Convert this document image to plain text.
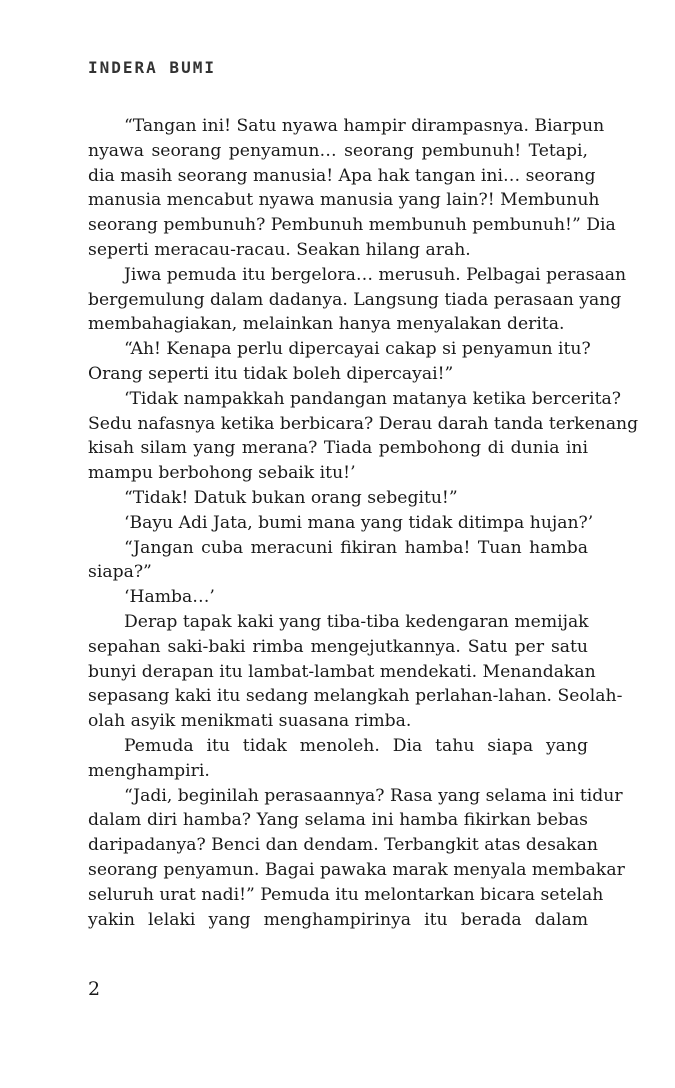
INDERA BUMI
“Tangan ini! Satu nyawa hampir dirampasnya. Biarpun
nyawa seorang penyamun… seorang pembunuh! Tetapi,
dia masih seorang manusia! Apa hak tangan ini… seorang
manusia mencabut nyawa manusia yang lain?! Membunuh
seorang pembunuh? Pembunuh membunuh pembunuh!” Dia
seperti meracau-racau. Seakan hilang arah.
Jiwa pemuda itu bergelora… merusuh. Pelbagai perasaan
bergemulung dalam dadanya. Langsung tiada perasaan yang
membahagiakan, melainkan hanya menyalakan derita.
“Ah! Kenapa perlu dipercayai cakap si penyamun itu?
Orang seperti itu tidak boleh dipercayai!”
‘Tidak nampakkah pandangan matanya ketika bercerita?
Sedu nafasnya ketika berbicara? Derau darah tanda terkenang
kisah silam yang merana? Tiada pembohong di dunia ini
mampu berbohong sebaik itu!’
“Tidak! Datuk bukan orang sebegitu!”
‘Bayu Adi Jata, bumi mana yang tidak ditimpa hujan?’
“Jangan cuba meracuni fikiran hamba! Tuan hamba
siapa?”
‘Hamba…’
Derap tapak kaki yang tiba-tiba kedengaran memijak
sepahan saki-baki rimba mengejutkannya. Satu per satu
bunyi derapan itu lambat-lambat mendekati. Menandakan
sepasang kaki itu sedang melangkah perlahan-lahan. Seolah-
olah asyik menikmati suasana rimba.
Pemuda itu tidak menoleh. Dia tahu siapa yang
menghampiri.
“Jadi, beginilah perasaannya? Rasa yang selama ini tidur
dalam diri hamba? Yang selama ini hamba fikirkan bebas
daripadanya? Benci dan dendam. Terbangkit atas desakan
seorang penyamun. Bagai pawaka marak menyala membakar
seluruh urat nadi!” Pemuda itu melontarkan bicara setelah
yakin lelaki yang menghampirinya itu berada dalam
2
